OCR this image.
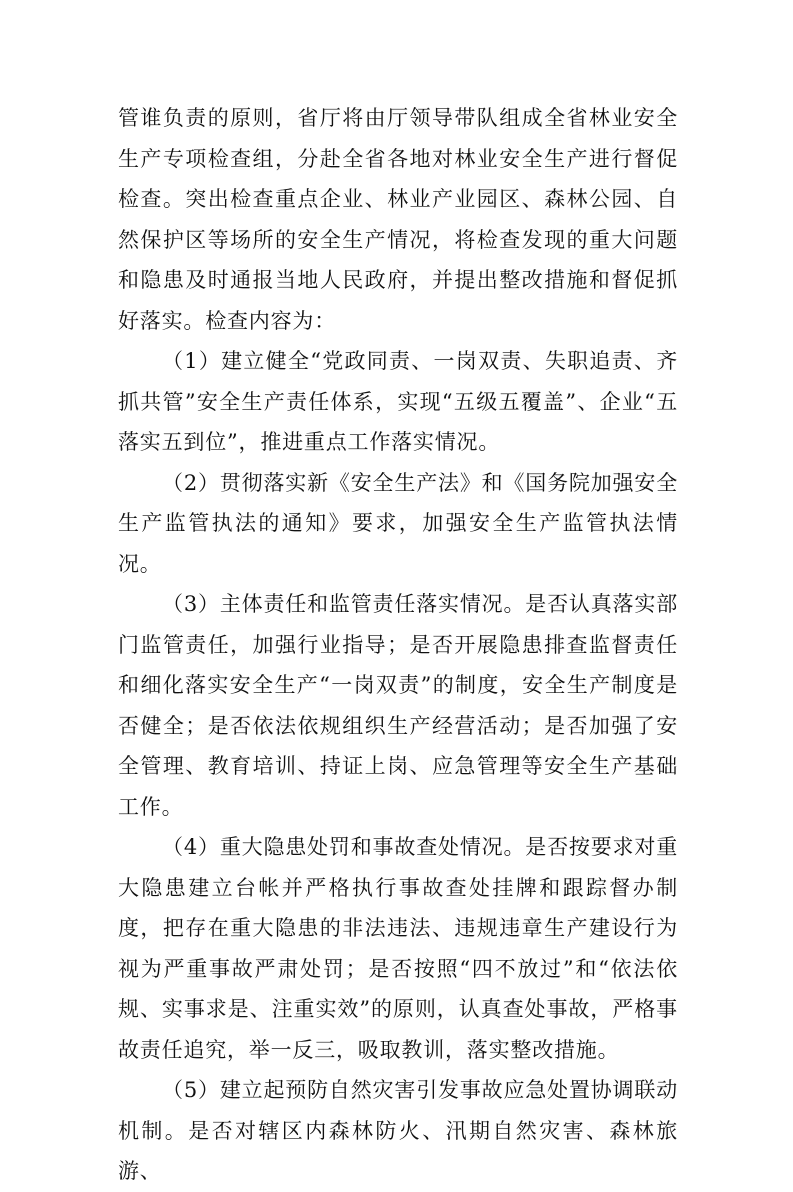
管谁负责的原则，省厅将由厅领导带队组成全省林业安全生产专项检查组，分赴全省各地对林业安全生产进行督促检查。突出检查重点企业、林业产业园区、森林公园、自然保护区等场所的安全生产情况，将检查发现的重大问题和隐患及时通报当地人民政府，并提出整改措施和督促抓好落实。检查内容为：

（1）建立健全“党政同责、一岗双责、失职追责、齐抓共管”安全生产责任体系，实现“五级五覆盖”、企业“五落实五到位”，推进重点工作落实情况。

（2）贯彻落实新《安全生产法》和《国务院加强安全生产监管执法的通知》要求，加强安全生产监管执法情况。

（3）主体责任和监管责任落实情况。是否认真落实部门监管责任，加强行业指导；是否开展隐患排查监督责任和细化落实安全生产“一岗双责”的制度，安全生产制度是否健全；是否依法依规组织生产经营活动；是否加强了安全管理、教育培训、持证上岗、应急管理等安全生产基础工作。

（4）重大隐患处罚和事故查处情况。是否按要求对重大隐患建立台帐并严格执行事故查处挂牌和跟踪督办制度，把存在重大隐患的非法违法、违规违章生产建设行为视为严重事故严肃处罚；是否按照“四不放过”和“依法依规、实事求是、注重实效”的原则，认真查处事故，严格事故责任追究，举一反三，吸取教训，落实整改措施。

（5）建立起预防自然灾害引发事故应急处置协调联动机制。是否对辖区内森林防火、汛期自然灾害、森林旅游、
